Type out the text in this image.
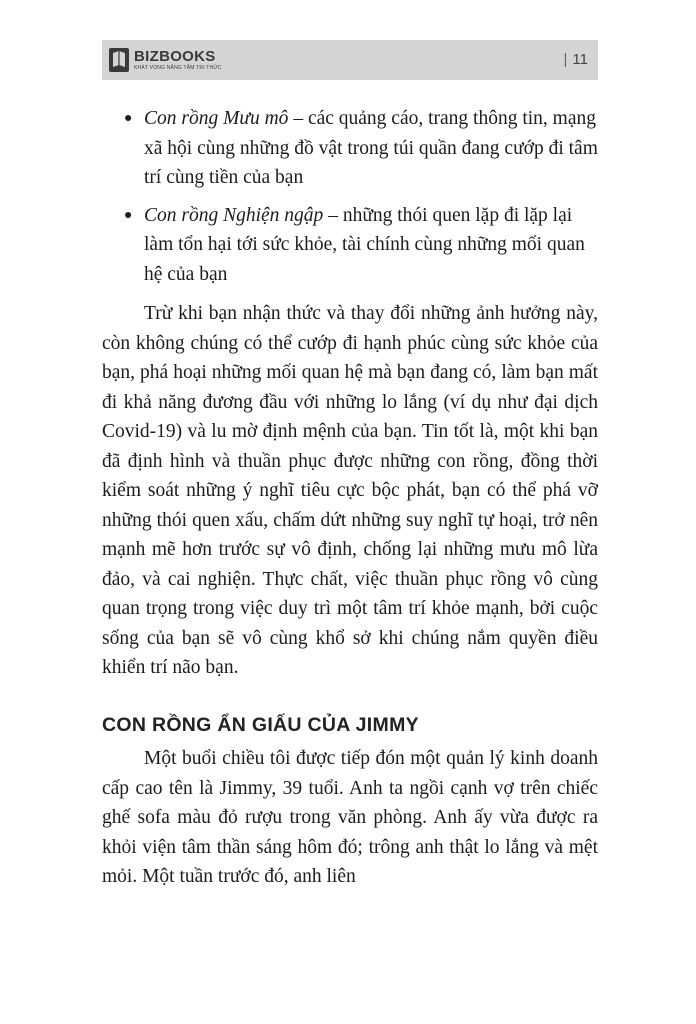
BIZBOOKS
KHÁT VỌNG NÂNG TẦM TRI THỨC	| 11
● Con rồng Mưu mô – các quảng cáo, trang thông tin, mạng xã hội cùng những đồ vật trong túi quần đang cướp đi tâm trí cùng tiền của bạn
● Con rồng Nghiện ngập – những thói quen lặp đi lặp lại làm tổn hại tới sức khỏe, tài chính cùng những mối quan hệ của bạn

Trừ khi bạn nhận thức và thay đổi những ảnh hưởng này, còn không chúng có thể cướp đi hạnh phúc cùng sức khỏe của bạn, phá hoại những mối quan hệ mà bạn đang có, làm bạn mất đi khả năng đương đầu với những lo lắng (ví dụ như đại dịch Covid-19) và lu mờ định mệnh của bạn. Tin tốt là, một khi bạn đã định hình và thuần phục được những con rồng, đồng thời kiểm soát những ý nghĩ tiêu cực bộc phát, bạn có thể phá vỡ những thói quen xấu, chấm dứt những suy nghĩ tự hoại, trở nên mạnh mẽ hơn trước sự vô định, chống lại những mưu mô lừa đảo, và cai nghiện. Thực chất, việc thuần phục rồng vô cùng quan trọng trong việc duy trì một tâm trí khỏe mạnh, bởi cuộc sống của bạn sẽ vô cùng khổ sở khi chúng nắm quyền điều khiển trí não bạn.

CON RỒNG ẨN GIẤU CỦA JIMMY

Một buổi chiều tôi được tiếp đón một quản lý kinh doanh cấp cao tên là Jimmy, 39 tuổi. Anh ta ngồi cạnh vợ trên chiếc ghế sofa màu đỏ rượu trong văn phòng. Anh ấy vừa được ra khỏi viện tâm thần sáng hôm đó; trông anh thật lo lắng và mệt mỏi. Một tuần trước đó, anh liên
